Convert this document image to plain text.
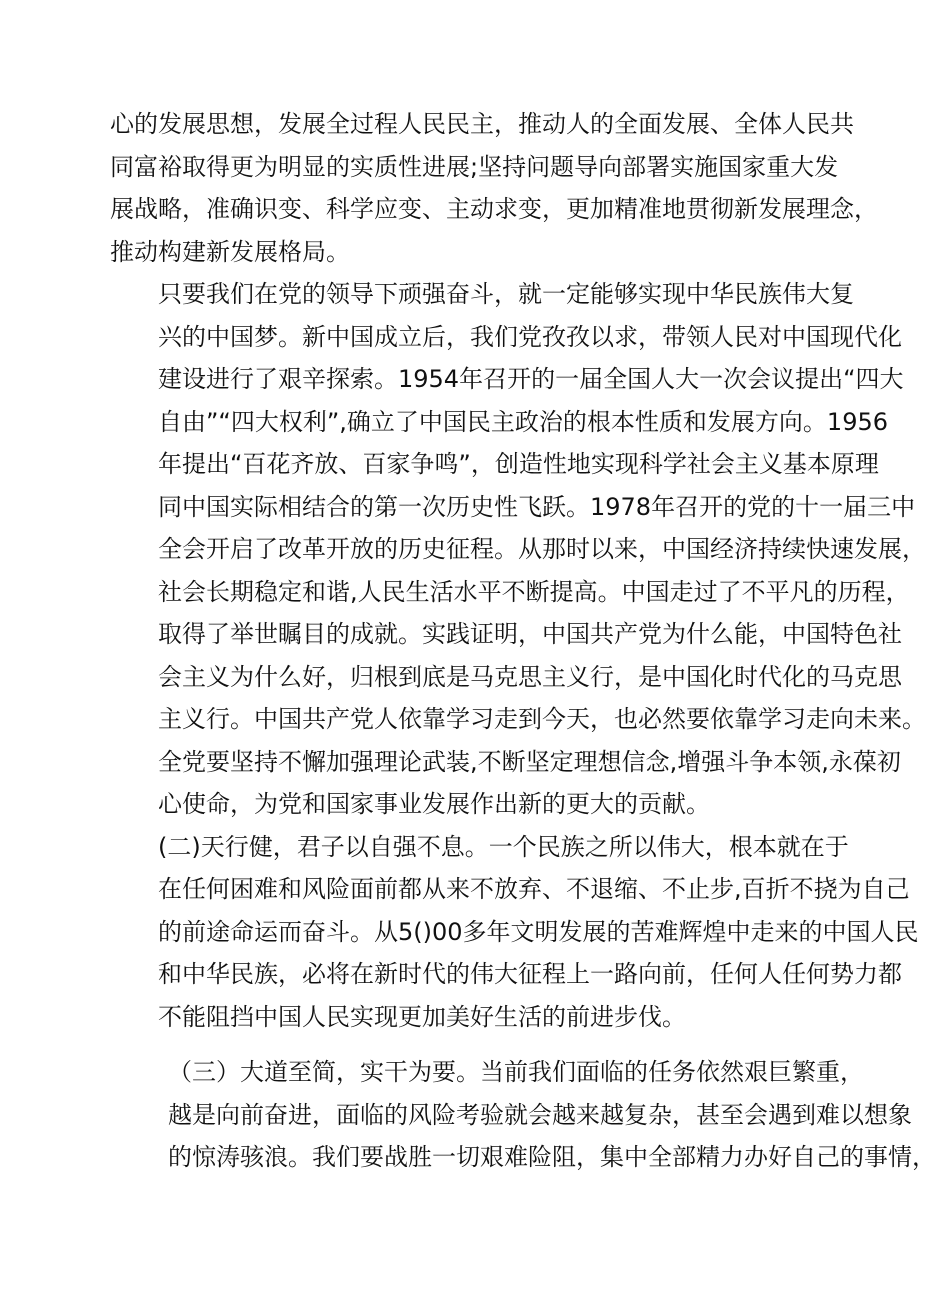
心的发展思想，发展全过程人民民主，推动人的全面发展、全体人民共
同富裕取得更为明显的实质性进展;坚持问题导向部署实施国家重大发
展战略，准确识变、科学应变、主动求变，更加精准地贯彻新发展理念，
推动构建新发展格局。

只要我们在党的领导下顽强奋斗，就一定能够实现中华民族伟大复
兴的中国梦。新中国成立后，我们党孜孜以求，带领人民对中国现代化
建设进行了艰辛探索。1954年召开的一届全国人大一次会议提出“四大
自由”“四大权利”,确立了中国民主政治的根本性质和发展方向。1956
年提出“百花齐放、百家争鸣”，创造性地实现科学社会主义基本原理
同中国实际相结合的第一次历史性飞跃。1978年召开的党的十一届三中
全会开启了改革开放的历史征程。从那时以来，中国经济持续快速发展，
社会长期稳定和谐,人民生活水平不断提高。中国走过了不平凡的历程，
取得了举世瞩目的成就。实践证明，中国共产党为什么能，中国特色社
会主义为什么好，归根到底是马克思主义行，是中国化时代化的马克思
主义行。中国共产党人依靠学习走到今天，也必然要依靠学习走向未来。
全党要坚持不懈加强理论武装,不断坚定理想信念,增强斗争本领,永葆初
心使命，为党和国家事业发展作出新的更大的贡献。

(二)天行健，君子以自强不息。一个民族之所以伟大，根本就在于
在任何困难和风险面前都从来不放弃、不退缩、不止步,百折不挠为自己
的前途命运而奋斗。从5()00多年文明发展的苦难辉煌中走来的中国人民
和中华民族，必将在新时代的伟大征程上一路向前，任何人任何势力都
不能阻挡中国人民实现更加美好生活的前进步伐。

（三）大道至简，实干为要。当前我们面临的任务依然艰巨繁重，
越是向前奋进，面临的风险考验就会越来越复杂，甚至会遇到难以想象
的惊涛骇浪。我们要战胜一切艰难险阻，集中全部精力办好自己的事情，
